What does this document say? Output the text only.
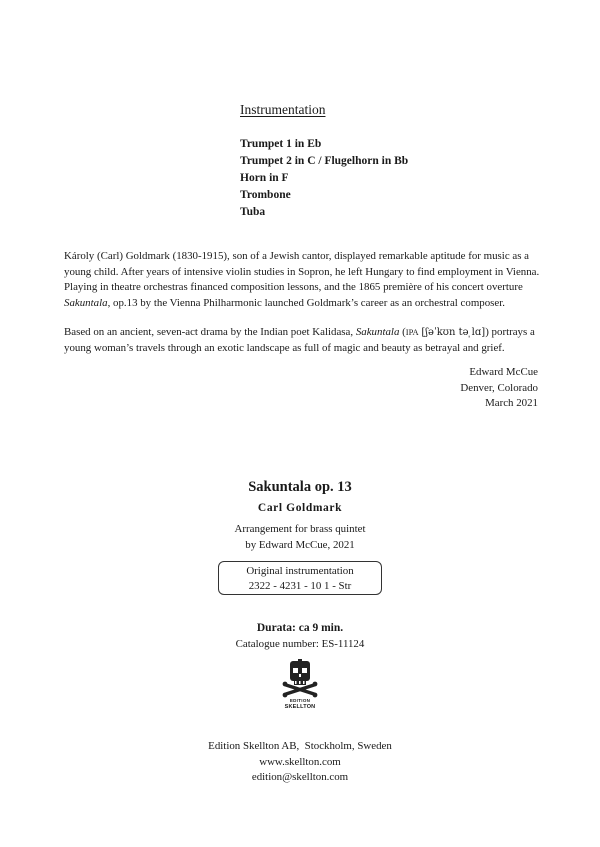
Instrumentation
Trumpet 1 in Eb
Trumpet 2 in C / Flugelhorn in Bb
Horn in F
Trombone
Tuba

Károly (Carl) Goldmark (1830-1915), son of a Jewish cantor, displayed remarkable aptitude for music as a young child. After years of intensive violin studies in Sopron, he left Hungary to find employment in Vienna. Playing in theatre orchestras financed composition lessons, and the 1865 première of his concert overture Sakuntala, op.13 by the Vienna Philharmonic launched Goldmark’s career as an orchestral composer.

Based on an ancient, seven-act drama by the Indian poet Kalidasa, Sakuntala (IPA [ʃəˈkʊn tə ̩lɑ]) portrays a young woman’s travels through an exotic landscape as full of magic and beauty as betrayal and grief.

Edward McCue
Denver, Colorado
March 2021
Sakuntala op. 13
Carl Goldmark
Arrangement for brass quintet
by Edward McCue, 2021
Original instrumentation
2322 - 4231 - 10 1 - Str
Durata: ca 9 min.
Catalogue number: ES-11124
EDITION
SKELLTON
Edition Skellton AB,  Stockholm, Sweden
www.skellton.com
edition@skellton.com
